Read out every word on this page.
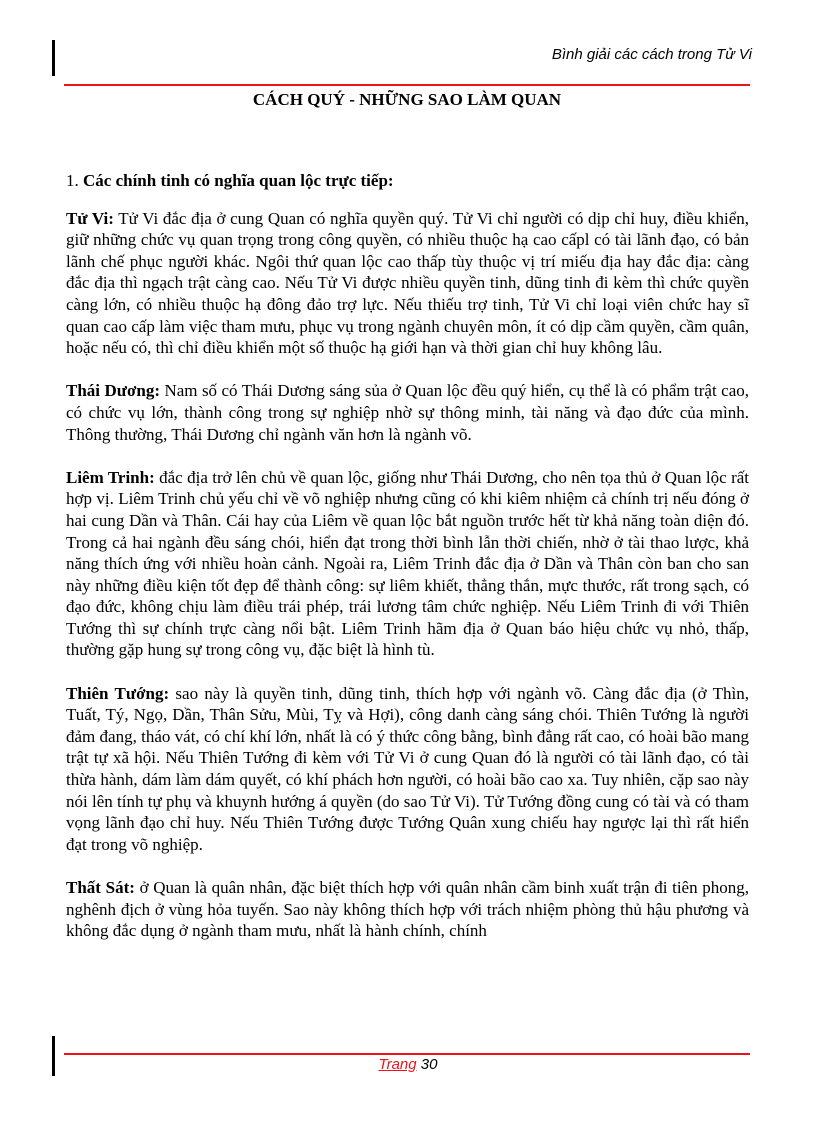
Bình giải các cách trong Tử Vi
CÁCH QUÝ - NHỮNG SAO LÀM QUAN

1. Các chính tinh có nghĩa quan lộc trực tiếp:

Tử Vi: Tử Vi đắc địa ở cung Quan có nghĩa quyền quý. Tử Vi chỉ người có dịp chỉ huy, điều khiển, giữ những chức vụ quan trọng trong công quyền, có nhiều thuộc hạ cao cấpl có tài lãnh đạo, có bản lãnh chế phục người khác. Ngôi thứ quan lộc cao thấp tùy thuộc vị trí miếu địa hay đắc địa: càng đắc địa thì ngạch trật càng cao. Nếu Tử Vi được nhiều quyền tinh, dũng tinh đi kèm thì chức quyền càng lớn, có nhiều thuộc hạ đông đảo trợ lực. Nếu thiếu trợ tinh, Tử Vi chỉ loại viên chức hay sĩ quan cao cấp làm việc tham mưu, phục vụ trong ngành chuyên môn, ít có dịp cầm quyền, cầm quân, hoặc nếu có, thì chỉ điều khiển một số thuộc hạ giới hạn và thời gian chỉ huy không lâu.

Thái Dương: Nam số có Thái Dương sáng sủa ở Quan lộc đều quý hiển, cụ thể là có phẩm trật cao, có chức vụ lớn, thành công trong sự nghiệp nhờ sự thông minh, tài năng và đạo đức của mình. Thông thường, Thái Dương chỉ ngành văn hơn là ngành võ.

Liêm Trinh: đắc địa trở lên chủ về quan lộc, giống như Thái Dương, cho nên tọa thủ ở Quan lộc rất hợp vị. Liêm Trinh chủ yếu chỉ về võ nghiệp nhưng cũng có khi kiêm nhiệm cả chính trị nếu đóng ở hai cung Dần và Thân. Cái hay của Liêm về quan lộc bắt nguồn trước hết từ khả năng toàn diện đó. Trong cả hai ngành đều sáng chói, hiển đạt trong thời bình lẫn thời chiến, nhờ ở tài thao lược, khả năng thích ứng với nhiều hoàn cảnh. Ngoài ra, Liêm Trinh đắc địa ở Dần và Thân còn ban cho san này những điều kiện tốt đẹp để thành công: sự liêm khiết, thẳng thắn, mực thước, rất trong sạch, có đạo đức, không chịu làm điều trái phép, trái lương tâm chức nghiệp. Nếu Liêm Trinh đi với Thiên Tướng thì sự chính trực càng nổi bật. Liêm Trinh hãm địa ở Quan báo hiệu chức vụ nhỏ, thấp, thường gặp hung sự trong công vụ, đặc biệt là hình tù.

Thiên Tướng: sao này là quyền tinh, dũng tinh, thích hợp với ngành võ. Càng đắc địa (ở Thìn, Tuất, Tý, Ngọ, Dần, Thân Sửu, Mùi, Tỵ và Hợi), công danh càng sáng chói. Thiên Tướng là người đảm đang, tháo vát, có chí khí lớn, nhất là có ý thức công bằng, bình đẳng rất cao, có hoài bão mang trật tự xã hội. Nếu Thiên Tướng đi kèm với Tử Vi ở cung Quan đó là người có tài lãnh đạo, có tài thừa hành, dám làm dám quyết, có khí phách hơn người, có hoài bão cao xa. Tuy nhiên, cặp sao này nói lên tính tự phụ và khuynh hướng á quyền (do sao Tử Vi). Tử Tướng đồng cung có tài và có tham vọng lãnh đạo chỉ huy. Nếu Thiên Tướng được Tướng Quân xung chiếu hay ngược lại thì rất hiển đạt trong võ nghiệp.

Thất Sát: ở Quan là quân nhân, đặc biệt thích hợp với quân nhân cầm binh xuất trận đi tiên phong, nghênh địch ở vùng hỏa tuyến. Sao này không thích hợp với trách nhiệm phòng thủ hậu phương và không đắc dụng ở ngành tham mưu, nhất là hành chính, chính

Trang 30
